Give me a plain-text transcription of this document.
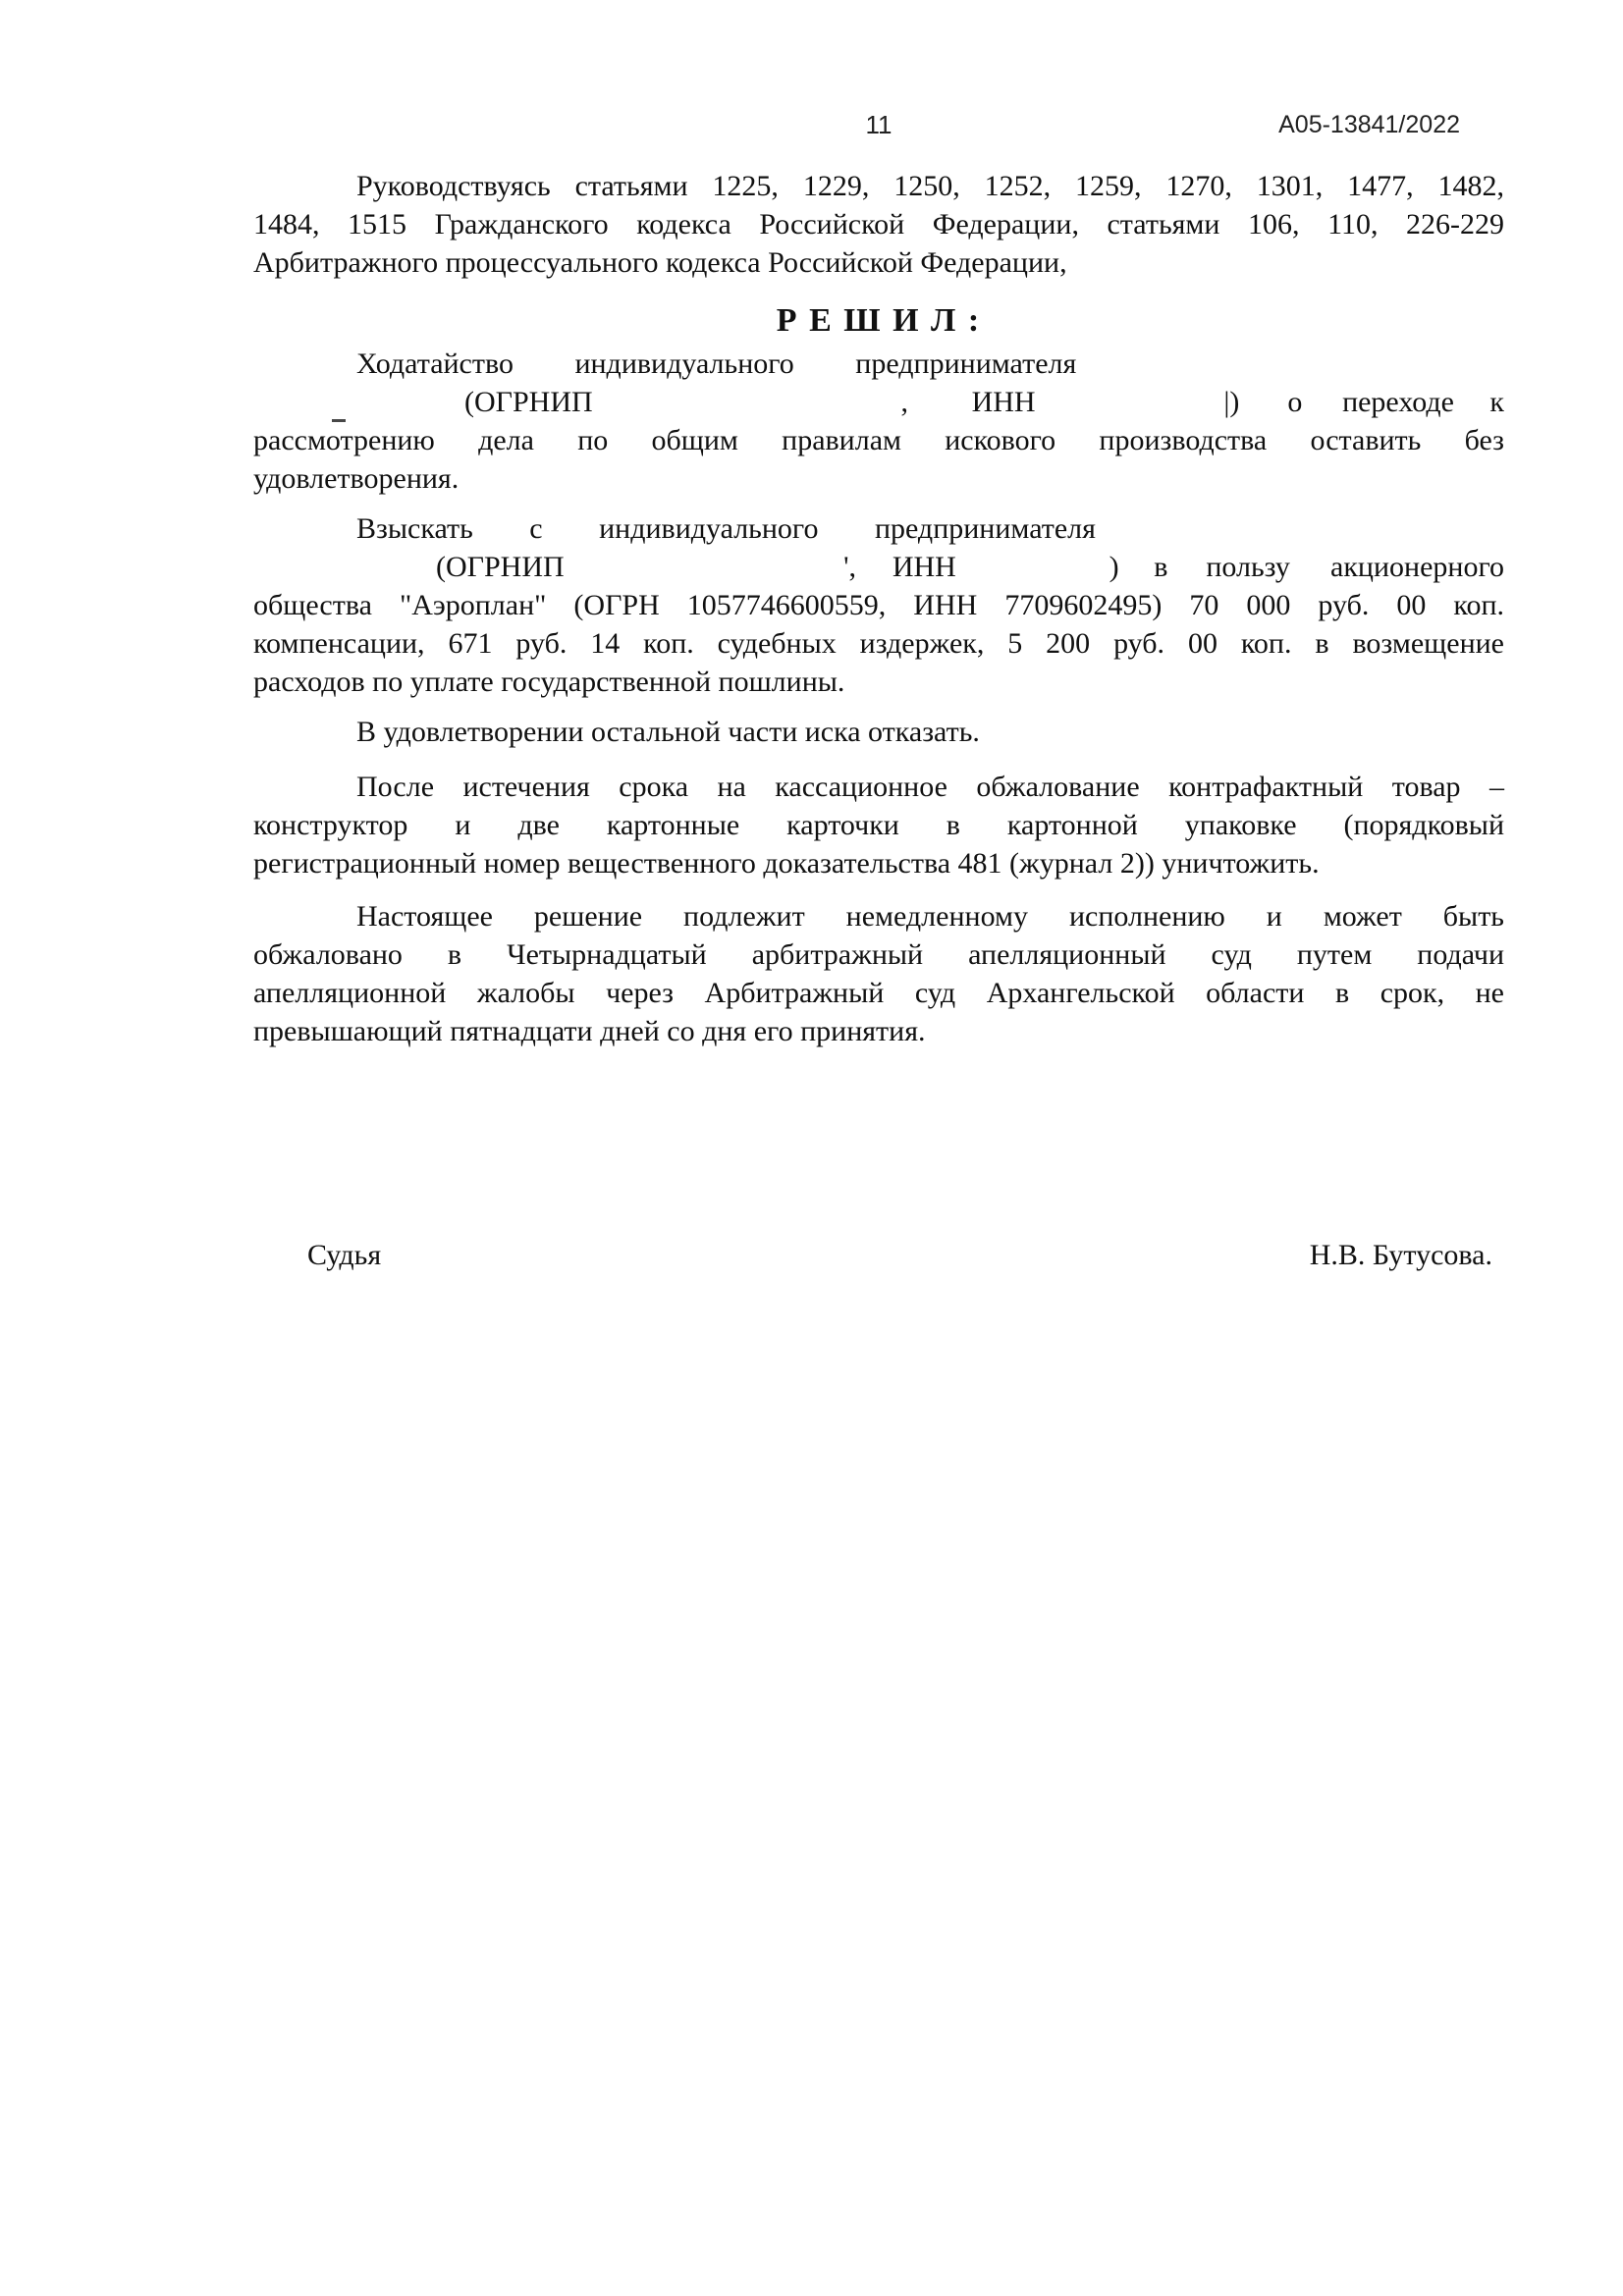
11	А05-13841/2022
Руководствуясь статьями 1225, 1229, 1250, 1252, 1259, 1270, 1301, 1477, 1482,
1484, 1515 Гражданского кодекса Российской Федерации, статьями 106, 110, 226-229
Арбитражного процессуального кодекса Российской Федерации,
Р Е Ш И Л :
Ходатайство индивидуального предпринимателя
(ОГРНИП	, ИНН	|) о переходе к
рассмотрению дела по общим правилам искового производства оставить без
удовлетворения.
Взыскать с индивидуального предпринимателя
(ОГРНИП	', ИНН	) в пользу акционерного
общества "Аэроплан" (ОГРН 1057746600559, ИНН 7709602495) 70 000 руб. 00 коп.
компенсации, 671 руб. 14 коп. судебных издержек, 5 200 руб. 00 коп. в возмещение
расходов по уплате государственной пошлины.
В удовлетворении остальной части иска отказать.
После истечения срока на кассационное обжалование контрафактный товар –
конструктор и две картонные карточки в картонной упаковке (порядковый
регистрационный номер вещественного доказательства 481 (журнал 2)) уничтожить.
Настоящее решение подлежит немедленному исполнению и может быть
обжаловано в Четырнадцатый арбитражный апелляционный суд путем подачи
апелляционной жалобы через Арбитражный суд Архангельской области в срок, не
превышающий пятнадцати дней со дня его принятия.
Судья	Н.В. Бутусова.
